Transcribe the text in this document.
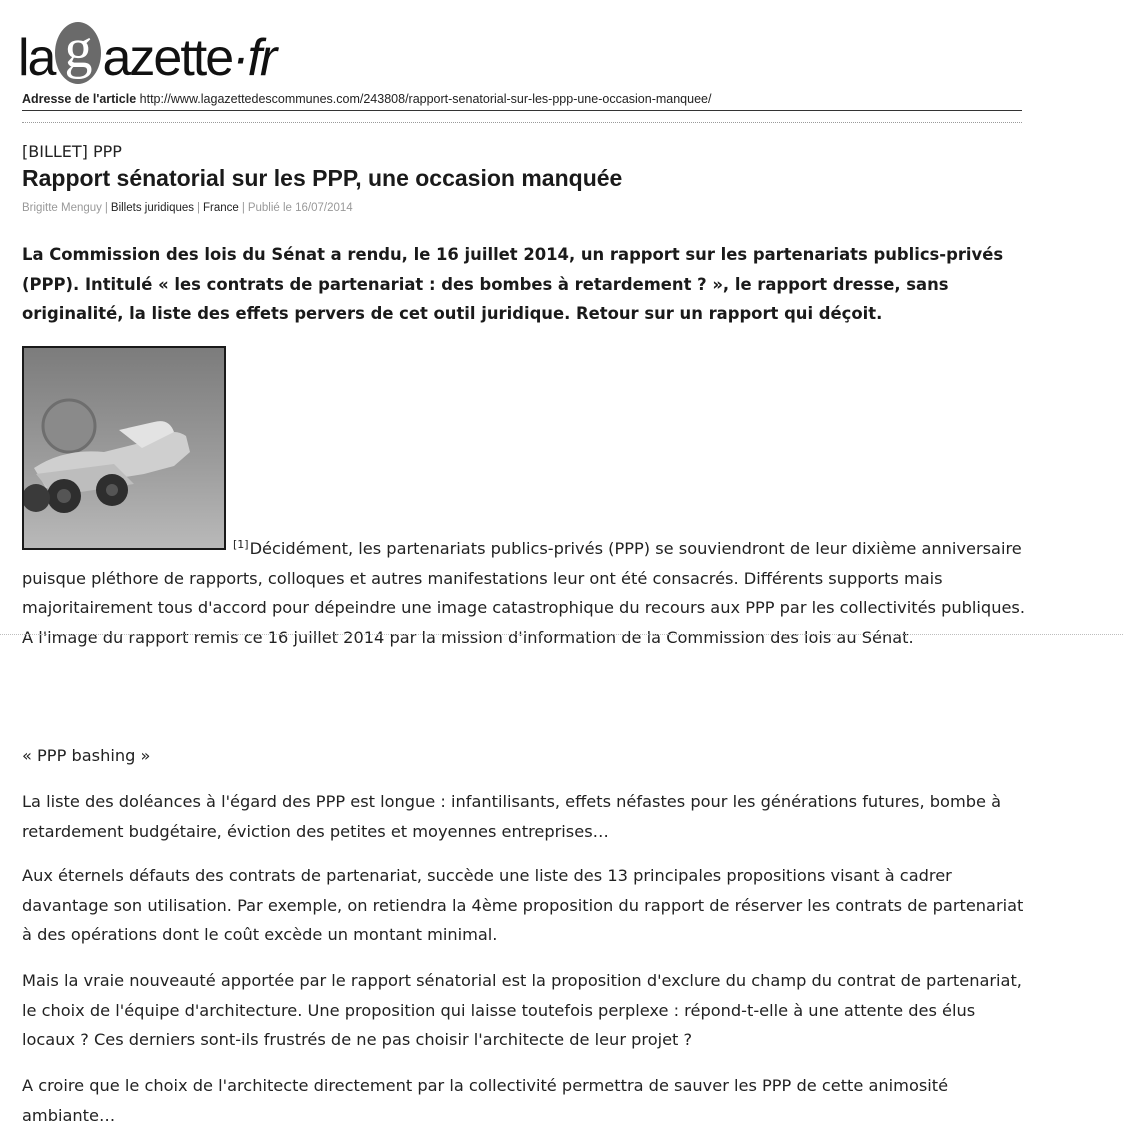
la g azette ·fr
Adresse de l'article http://www.lagazettedescommunes.com/243808/rapport-senatorial-sur-les-ppp-une-occasion-manquee/
[BILLET] PPP
Rapport sénatorial sur les PPP, une occasion manquée
Brigitte Menguy | Billets juridiques | France | Publié le 16/07/2014
La Commission des lois du Sénat a rendu, le 16 juillet 2014, un rapport sur les partenariats publics-privés (PPP). Intitulé « les contrats de partenariat : des bombes à retardement ? », le rapport dresse, sans originalité, la liste des effets pervers de cet outil juridique. Retour sur un rapport qui déçoit.
[1]Décidément, les partenariats publics-privés (PPP) se souviendront de leur dixième anniversaire puisque pléthore de rapports, colloques et autres manifestations leur ont été consacrés. Différents supports mais majoritairement tous d'accord pour dépeindre une image catastrophique du recours aux PPP par les collectivités publiques. A l'image du rapport remis ce 16 juillet 2014 par la mission d'information de la Commission des lois au Sénat.
« PPP bashing »
La liste des doléances à l'égard des PPP est longue : infantilisants, effets néfastes pour les générations futures, bombe à retardement budgétaire, éviction des petites et moyennes entreprises…
Aux éternels défauts des contrats de partenariat, succède une liste des 13 principales propositions visant à cadrer davantage son utilisation. Par exemple, on retiendra la 4ème proposition du rapport de réserver les contrats de partenariat à des opérations dont le coût excède un montant minimal.
Mais la vraie nouveauté apportée par le rapport sénatorial est la proposition d'exclure du champ du contrat de partenariat, le choix de l'équipe d'architecture. Une proposition qui laisse toutefois perplexe : répond-t-elle à une attente des élus locaux ? Ces derniers sont-ils frustrés de ne pas choisir l'architecte de leur projet ?
A croire que le choix de l'architecte directement par la collectivité permettra de sauver les PPP de cette animosité ambiante…
